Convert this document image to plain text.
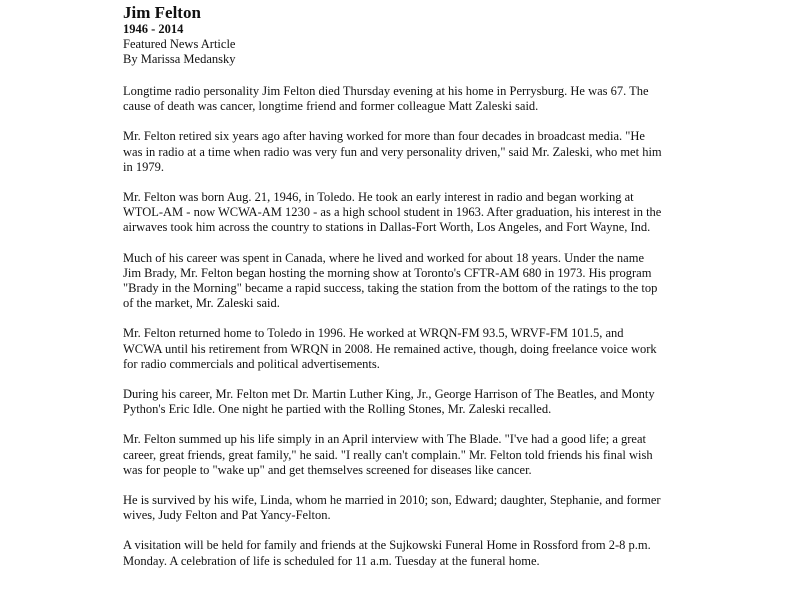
Jim Felton
1946 - 2014
Featured News Article
By Marissa Medansky

Longtime radio personality Jim Felton died Thursday evening at his home in Perrysburg. He was 67. The cause of death was cancer, longtime friend and former colleague Matt Zaleski said.

Mr. Felton retired six years ago after having worked for more than four decades in broadcast media. "He was in radio at a time when radio was very fun and very personality driven," said Mr. Zaleski, who met him in 1979.

Mr. Felton was born Aug. 21, 1946, in Toledo. He took an early interest in radio and began working at WTOL-AM - now WCWA-AM 1230 - as a high school student in 1963. After graduation, his interest in the airwaves took him across the country to stations in Dallas-Fort Worth, Los Angeles, and Fort Wayne, Ind.

Much of his career was spent in Canada, where he lived and worked for about 18 years. Under the name Jim Brady, Mr. Felton began hosting the morning show at Toronto's CFTR-AM 680 in 1973. His program "Brady in the Morning" became a rapid success, taking the station from the bottom of the ratings to the top of the market, Mr. Zaleski said.

Mr. Felton returned home to Toledo in 1996. He worked at WRQN-FM 93.5, WRVF-FM 101.5, and WCWA until his retirement from WRQN in 2008. He remained active, though, doing freelance voice work for radio commercials and political advertisements.

During his career, Mr. Felton met Dr. Martin Luther King, Jr., George Harrison of The Beatles, and Monty Python's Eric Idle. One night he partied with the Rolling Stones, Mr. Zaleski recalled.

Mr. Felton summed up his life simply in an April interview with The Blade. "I've had a good life; a great career, great friends, great family," he said. "I really can't complain." Mr. Felton told friends his final wish was for people to "wake up" and get themselves screened for diseases like cancer.

He is survived by his wife, Linda, whom he married in 2010; son, Edward; daughter, Stephanie, and former wives, Judy Felton and Pat Yancy-Felton.

A visitation will be held for family and friends at the Sujkowski Funeral Home in Rossford from 2-8 p.m. Monday. A celebration of life is scheduled for 11 a.m. Tuesday at the funeral home.
